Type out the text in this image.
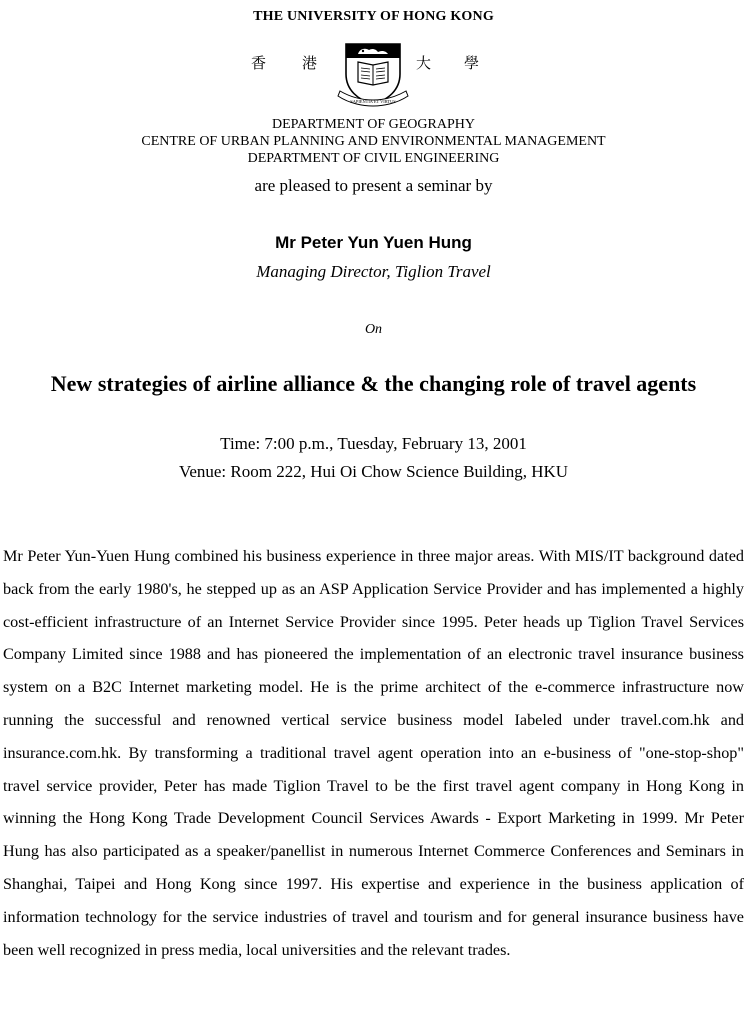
THE UNIVERSITY OF HONG KONG
香 港
SAPIENTIA ET VIRTUS
大 學
DEPARTMENT OF GEOGRAPHY
CENTRE OF URBAN PLANNING AND ENVIRONMENTAL MANAGEMENT
DEPARTMENT OF CIVIL ENGINEERING
are pleased to present a seminar by
Mr Peter Yun Yuen Hung
Managing Director, Tiglion Travel
On
New strategies of airline alliance & the changing role of travel agents
Time: 7:00 p.m., Tuesday, February 13, 2001
Venue: Room 222, Hui Oi Chow Science Building, HKU
Mr Peter Yun-Yuen Hung combined his business experience in three major areas. With MIS/IT background dated back from the early 1980's, he stepped up as an ASP Application Service Provider and has implemented a highly cost-efficient infrastructure of an Internet Service Provider since 1995. Peter heads up Tiglion Travel Services Company Limited since 1988 and has pioneered the implementation of an electronic travel insurance business system on a B2C Internet marketing model. He is the prime architect of the e-commerce infrastructure now running the successful and renowned vertical service business model Iabeled under travel.com.hk and insurance.com.hk. By transforming a traditional travel agent operation into an e-business of "one-stop-shop" travel service provider, Peter has made Tiglion Travel to be the first travel agent company in Hong Kong in winning the Hong Kong Trade Development Council Services Awards - Export Marketing in 1999. Mr Peter Hung has also participated as a speaker/panellist in numerous Internet Commerce Conferences and Seminars in Shanghai, Taipei and Hong Kong since 1997. His expertise and experience in the business application of information technology for the service industries of travel and tourism and for general insurance business have been well recognized in press media, local universities and the relevant trades.
